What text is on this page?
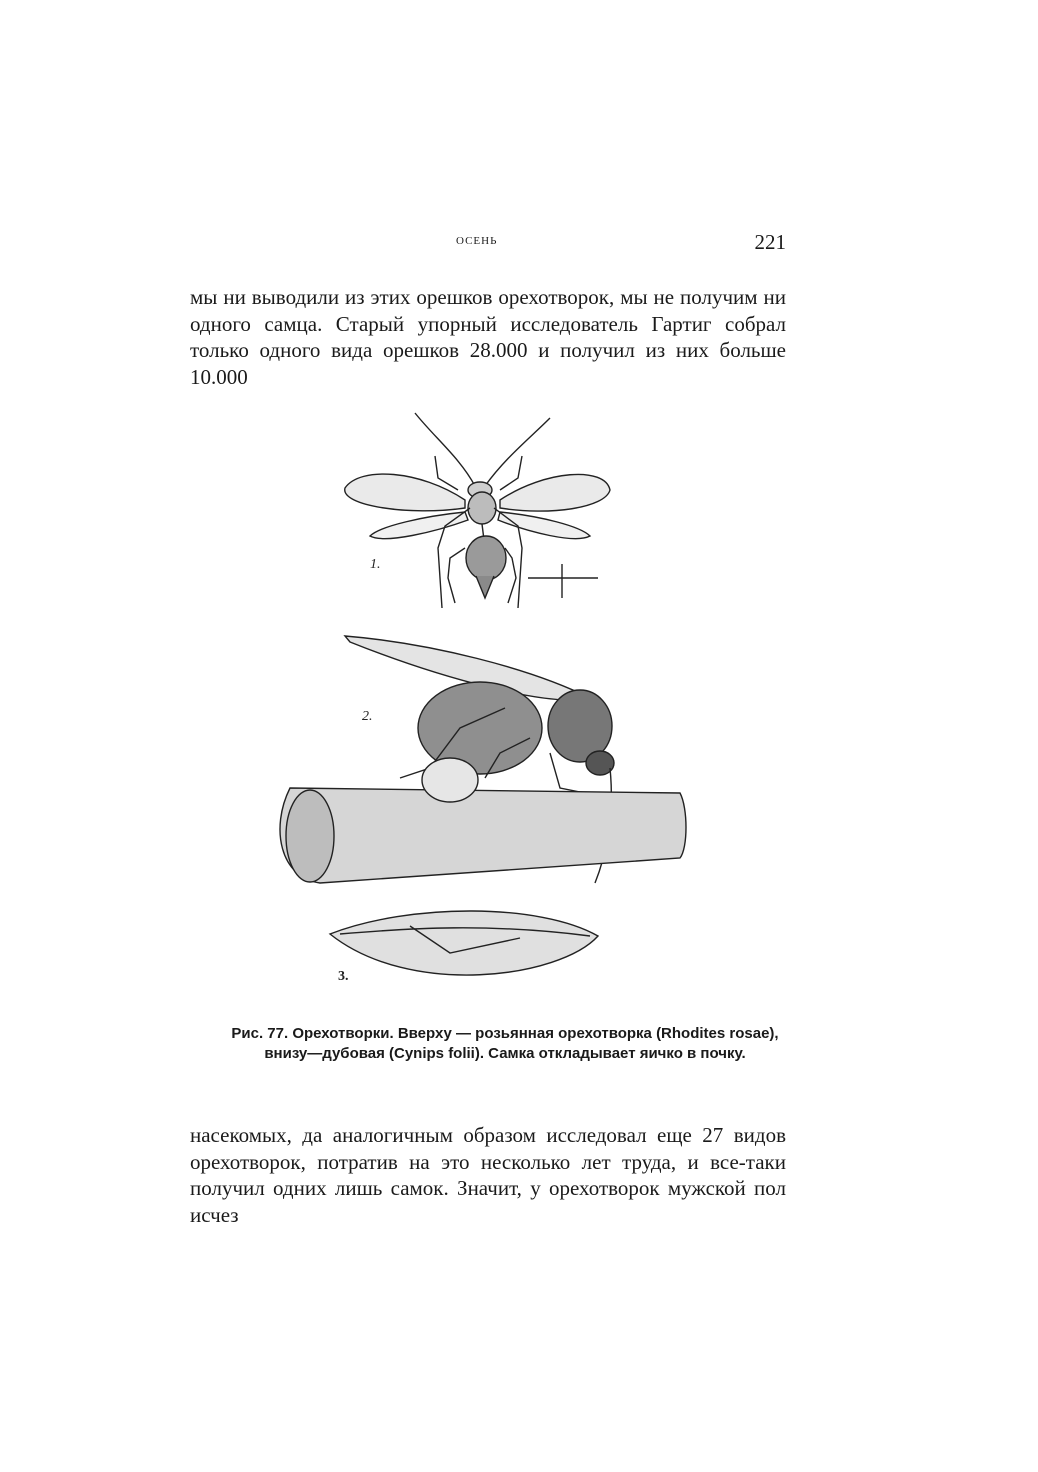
осень	221

мы ни выводили из этих орешков орехотворок, мы не получим ни одного самца. Старый упорный исследователь Гартиг собрал только одного вида орешков 28.000 и получил из них больше 10.000

1.
2.
3.

Рис. 77. Орехотворки. Вверху — розьянная орехотворка (Rhodites rosae), внизу—дубовая (Cynips folii). Самка откладывает яичко в почку.

насекомых, да аналогичным образом исследовал еще 27 видов орехотворок, потратив на это несколько лет труда, и все-таки получил одних лишь самок. Значит, у орехотворок мужской пол исчез
